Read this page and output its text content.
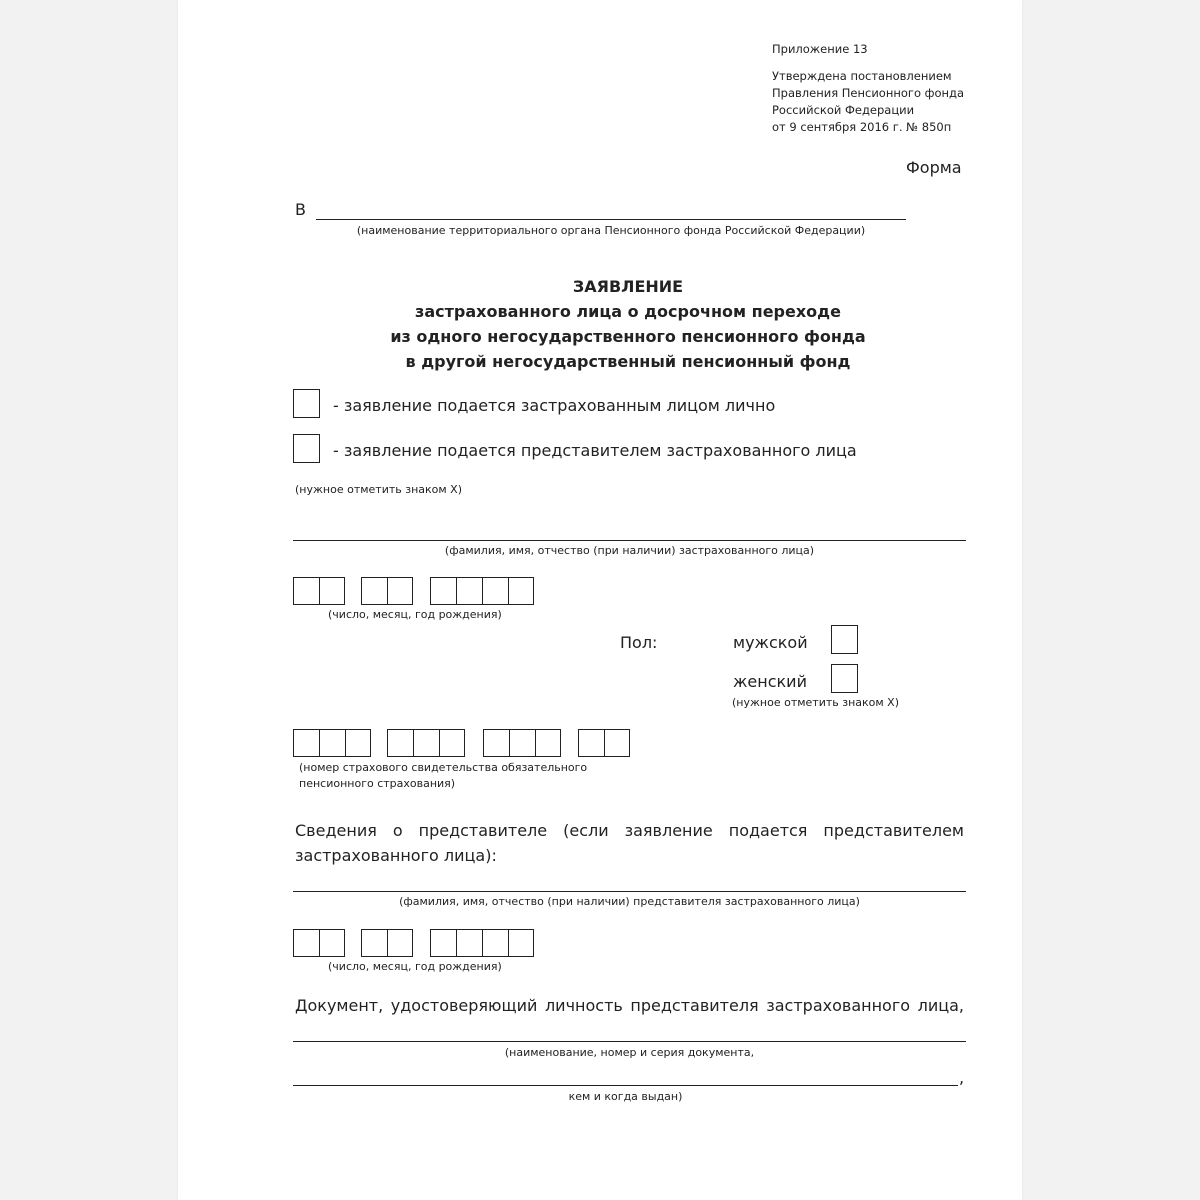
Приложение 13
Утверждена постановлением
Правления Пенсионного фонда
Российской Федерации
от 9 сентября 2016 г. № 850п
Форма
В
(наименование территориального органа Пенсионного фонда Российской Федерации)
ЗАЯВЛЕНИЕ
застрахованного лица о досрочном переходе
из одного негосударственного пенсионного фонда
в другой негосударственный пенсионный фонд
- заявление подается застрахованным лицом лично
- заявление подается представителем застрахованного лица
(нужное отметить знаком Х)
(фамилия, имя, отчество (при наличии) застрахованного лица)
(число, месяц, год рождения)
Пол:	мужской
женский
(нужное отметить знаком Х)
(номер страхового свидетельства обязательного
пенсионного страхования)
Сведения о представителе (если заявление подается представителем
застрахованного лица):
(фамилия, имя, отчество (при наличии) представителя застрахованного лица)
(число, месяц, год рождения)
Документ, удостоверяющий личность представителя застрахованного лица,
(наименование, номер и серия документа,
,
кем и когда выдан)
